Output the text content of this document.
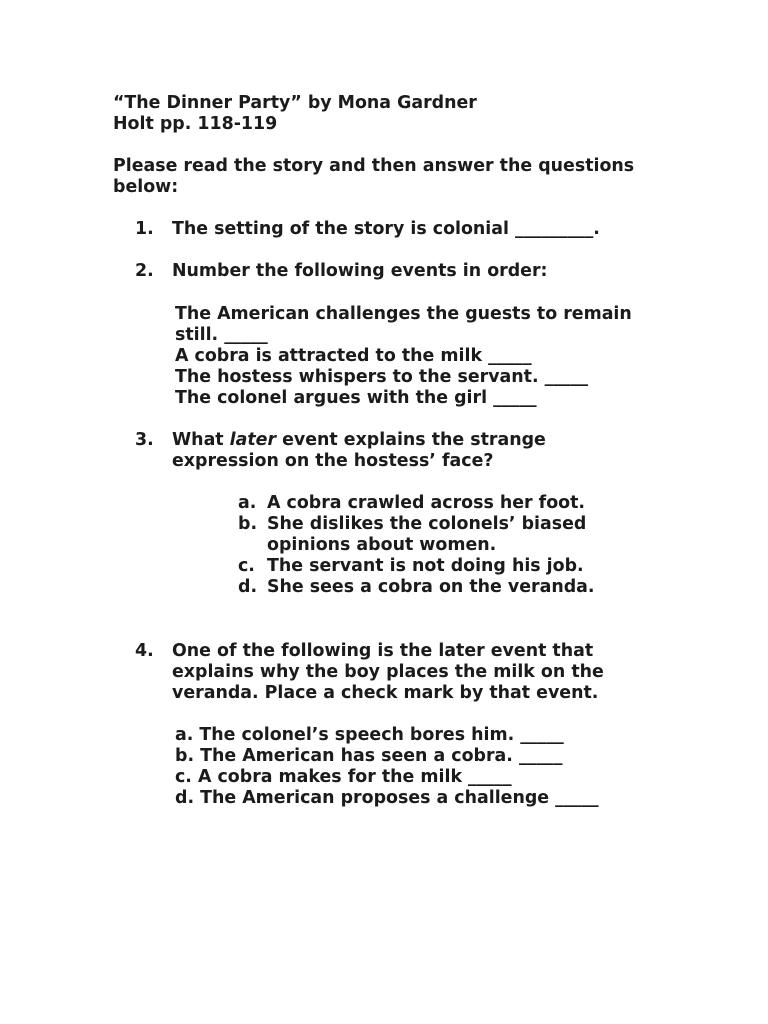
“The Dinner Party” by Mona Gardner
Holt pp. 118-119
Please read the story and then answer the questions
below:
1. The setting of the story is colonial _________.
2. Number the following events in order:
The American challenges the guests to remain
still. _____
A cobra is attracted to the milk _____
The hostess whispers to the servant. _____
The colonel argues with the girl _____
3. What later event explains the strange
expression on the hostess’ face?
a. A cobra crawled across her foot.
b. She dislikes the colonels’ biased
opinions about women.
c. The servant is not doing his job.
d. She sees a cobra on the veranda.
4. One of the following is the later event that
explains why the boy places the milk on the
veranda. Place a check mark by that event.
a. The colonel’s speech bores him. _____
b. The American has seen a cobra. _____
c. A cobra makes for the milk _____
d. The American proposes a challenge _____
